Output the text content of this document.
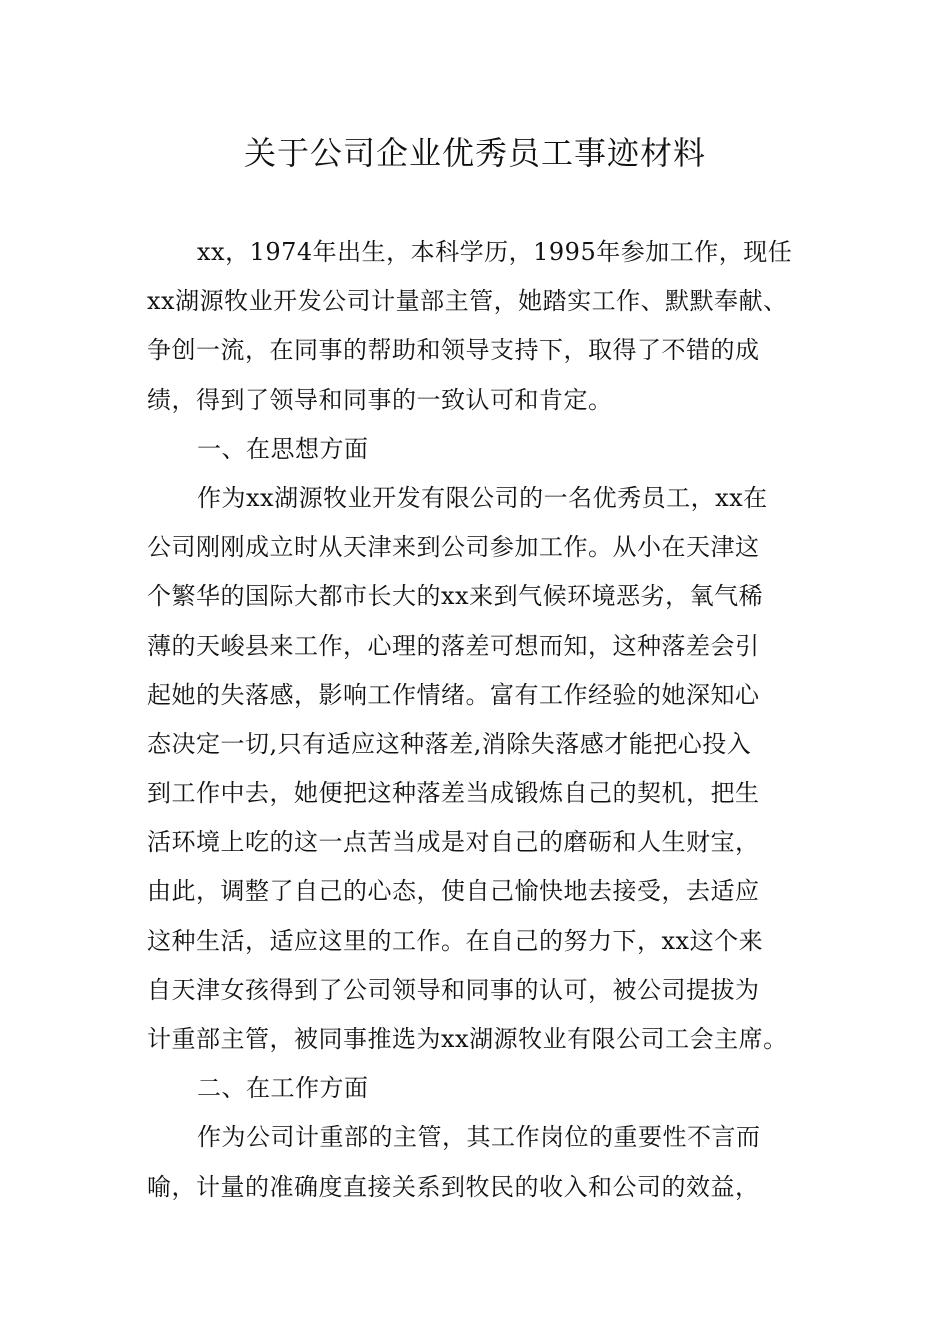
关于公司企业优秀员工事迹材料
xx，1974年出生，本科学历，1995年参加工作，现任
xx湖源牧业开发公司计量部主管，她踏实工作、默默奉献、
争创一流，在同事的帮助和领导支持下，取得了不错的成
绩，得到了领导和同事的一致认可和肯定。
一、在思想方面
作为xx湖源牧业开发有限公司的一名优秀员工，xx在
公司刚刚成立时从天津来到公司参加工作。从小在天津这
个繁华的国际大都市长大的xx来到气候环境恶劣，氧气稀
薄的天峻县来工作，心理的落差可想而知，这种落差会引
起她的失落感，影响工作情绪。富有工作经验的她深知心
态决定一切,只有适应这种落差,消除失落感才能把心投入
到工作中去，她便把这种落差当成锻炼自己的契机，把生
活环境上吃的这一点苦当成是对自己的磨砺和人生财宝，
由此，调整了自己的心态，使自己愉快地去接受，去适应
这种生活，适应这里的工作。在自己的努力下，xx这个来
自天津女孩得到了公司领导和同事的认可，被公司提拔为
计重部主管，被同事推选为xx湖源牧业有限公司工会主席。
二、在工作方面
作为公司计重部的主管，其工作岗位的重要性不言而
喻，计量的准确度直接关系到牧民的收入和公司的效益，
